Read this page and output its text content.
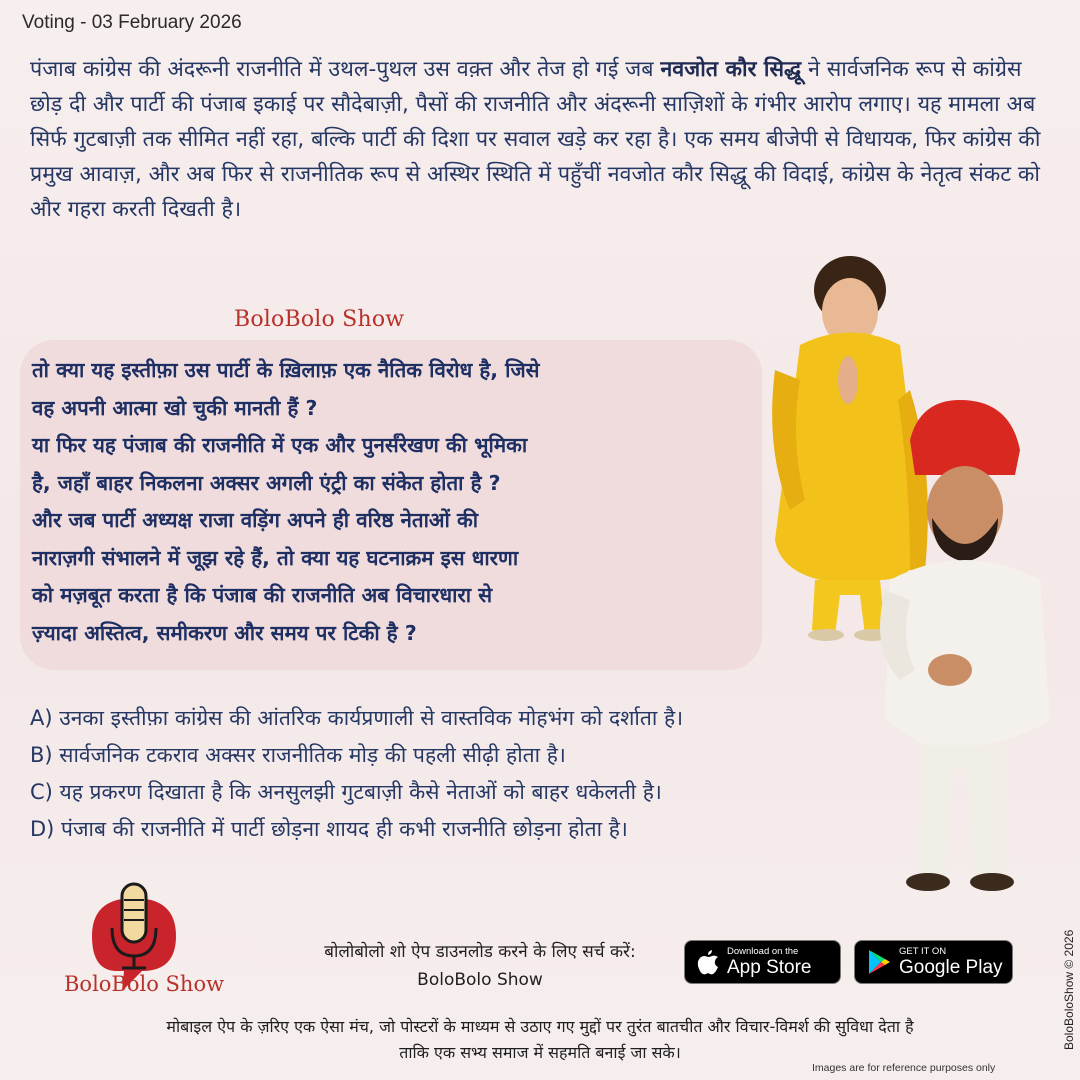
Voting - 03 February 2026
पंजाब कांग्रेस की अंदरूनी राजनीति में उथल-पुथल उस वक़्त और तेज हो गई जब नवजोत कौर सिद्धू ने सार्वजनिक रूप से कांग्रेस छोड़ दी और पार्टी की पंजाब इकाई पर सौदेबाज़ी, पैसों की राजनीति और अंदरूनी साज़िशों के गंभीर आरोप लगाए। यह मामला अब सिर्फ गुटबाज़ी तक सीमित नहीं रहा, बल्कि पार्टी की दिशा पर सवाल खड़े कर रहा है। एक समय बीजेपी से विधायक, फिर कांग्रेस की प्रमुख आवाज़, और अब फिर से राजनीतिक रूप से अस्थिर स्थिति में पहुँचीं नवजोत कौर सिद्धू की विदाई, कांग्रेस के नेतृत्व संकट को और गहरा करती दिखती है।
BoloBolo Show
तो क्या यह इस्तीफ़ा उस पार्टी के ख़िलाफ़ एक नैतिक विरोध है, जिसे
वह अपनी आत्मा खो चुकी मानती हैं ?
या फिर यह पंजाब की राजनीति में एक और पुनर्संरेखण की भूमिका
है, जहाँ बाहर निकलना अक्सर अगली एंट्री का संकेत होता है ?
और जब पार्टी अध्यक्ष राजा वड़िंग अपने ही वरिष्ठ नेताओं की
नाराज़गी संभालने में जूझ रहे हैं, तो क्या यह घटनाक्रम इस धारणा
को मज़बूत करता है कि पंजाब की राजनीति अब विचारधारा से
ज़्यादा अस्तित्व, समीकरण और समय पर टिकी है ?
A) उनका इस्तीफ़ा कांग्रेस की आंतरिक कार्यप्रणाली से वास्तविक मोहभंग को दर्शाता है।
B) सार्वजनिक टकराव अक्सर राजनीतिक मोड़ की पहली सीढ़ी होता है।
C) यह प्रकरण दिखाता है कि अनसुलझी गुटबाज़ी कैसे नेताओं को बाहर धकेलती है।
D) पंजाब की राजनीति में पार्टी छोड़ना शायद ही कभी राजनीति छोड़ना होता है।
BoloBolo Show
बोलोबोलो शो ऐप डाउनलोड करने के लिए सर्च करें:
BoloBolo Show
Download on the
App Store
GET IT ON
Google Play
मोबाइल ऐप के ज़रिए एक ऐसा मंच, जो पोस्टरों के माध्यम से उठाए गए मुद्दों पर तुरंत बातचीत और विचार-विमर्श की सुविधा देता है
ताकि एक सभ्य समाज में सहमति बनाई जा सके।
Images are for reference purposes only
BoloBoloShow © 2026
